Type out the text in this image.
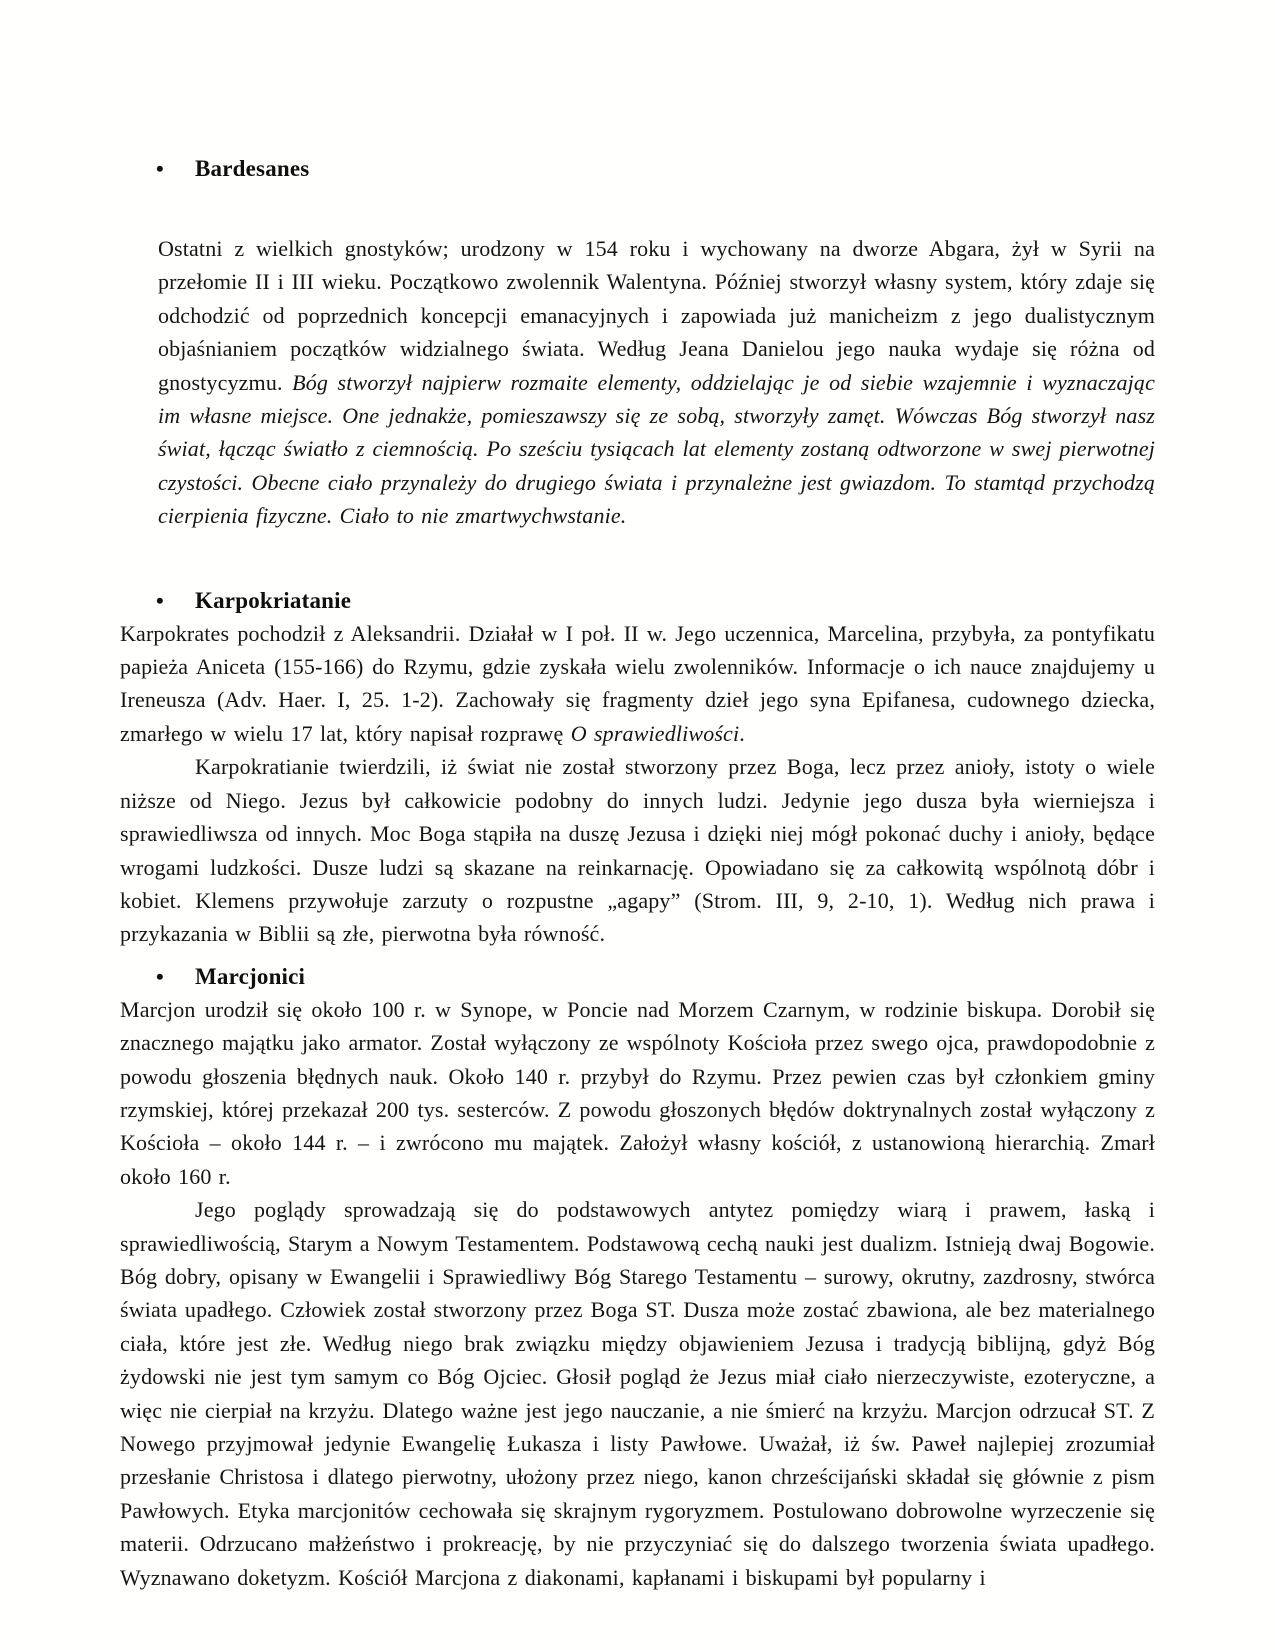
• Bardesanes

Ostatni z wielkich gnostyków; urodzony w 154 roku i wychowany na dworze Abgara, żył w Syrii na przełomie II i III wieku. Początkowo zwolennik Walentyna. Później stworzył własny system, który zdaje się odchodzić od poprzednich koncepcji emanacyjnych i zapowiada już manicheizm z jego dualistycznym objaśnianiem początków widzialnego świata. Według Jeana Danielou jego nauka wydaje się różna od gnostycyzmu. Bóg stworzył najpierw rozmaite elementy, oddzielając je od siebie wzajemnie i wyznaczając im własne miejsce. One jednakże, pomieszawszy się ze sobą, stworzyły zamęt. Wówczas Bóg stworzył nasz świat, łącząc światło z ciemnością. Po sześciu tysiącach lat elementy zostaną odtworzone w swej pierwotnej czystości. Obecne ciało przynależy do drugiego świata i przynależne jest gwiazdom. To stamtąd przychodzą cierpienia fizyczne. Ciało to nie zmartwychwstanie.

• Karpokriatanie

Karpokrates pochodził z Aleksandrii. Działał w I poł. II w. Jego uczennica, Marcelina, przybyła, za pontyfikatu papieża Aniceta (155-166) do Rzymu, gdzie zyskała wielu zwolenników. Informacje o ich nauce znajdujemy u Ireneusza (Adv. Haer. I, 25. 1-2). Zachowały się fragmenty dzieł jego syna Epifanesa, cudownego dziecka, zmarłego w wielu 17 lat, który napisał rozprawę O sprawiedliwości.

Karpokratianie twierdzili, iż świat nie został stworzony przez Boga, lecz przez anioły, istoty o wiele niższe od Niego. Jezus był całkowicie podobny do innych ludzi. Jedynie jego dusza była wierniejsza i sprawiedliwsza od innych. Moc Boga stąpiła na duszę Jezusa i dzięki niej mógł pokonać duchy i anioły, będące wrogami ludzkości. Dusze ludzi są skazane na reinkarnację. Opowiadano się za całkowitą wspólnotą dóbr i kobiet. Klemens przywołuje zarzuty o rozpustne „agapy” (Strom. III, 9, 2-10, 1). Według nich prawa i przykazania w Biblii są złe, pierwotna była równość.

• Marcjonici

Marcjon urodził się około 100 r. w Synope, w Poncie nad Morzem Czarnym, w rodzinie biskupa. Dorobił się znacznego majątku jako armator. Został wyłączony ze wspólnoty Kościoła przez swego ojca, prawdopodobnie z powodu głoszenia błędnych nauk. Około 140 r. przybył do Rzymu. Przez pewien czas był członkiem gminy rzymskiej, której przekazał 200 tys. sesterców. Z powodu głoszonych błędów doktrynalnych został wyłączony z Kościoła – około 144 r. – i zwrócono mu majątek. Założył własny kościół, z ustanowioną hierarchią. Zmarł około 160 r.

Jego poglądy sprowadzają się do podstawowych antytez pomiędzy wiarą i prawem, łaską i sprawiedliwością, Starym a Nowym Testamentem. Podstawową cechą nauki jest dualizm. Istnieją dwaj Bogowie. Bóg dobry, opisany w Ewangelii i Sprawiedliwy Bóg Starego Testamentu – surowy, okrutny, zazdrosny, stwórca świata upadłego. Człowiek został stworzony przez Boga ST. Dusza może zostać zbawiona, ale bez materialnego ciała, które jest złe. Według niego brak związku między objawieniem Jezusa i tradycją biblijną, gdyż Bóg żydowski nie jest tym samym co Bóg Ojciec. Głosił pogląd że Jezus miał ciało nierzeczywiste, ezoteryczne, a więc nie cierpiał na krzyżu. Dlatego ważne jest jego nauczanie, a nie śmierć na krzyżu. Marcjon odrzucał ST. Z Nowego przyjmował jedynie Ewangelię Łukasza i listy Pawłowe. Uważał, iż św. Paweł najlepiej zrozumiał przesłanie Christosa i dlatego pierwotny, ułożony przez niego, kanon chrześcijański składał się głównie z pism Pawłowych. Etyka marcjonitów cechowała się skrajnym rygoryzmem. Postulowano dobrowolne wyrzeczenie się materii. Odrzucano małżeństwo i prokreację, by nie przyczyniać się do dalszego tworzenia świata upadłego. Wyznawano doketyzm. Kościół Marcjona z diakonami, kapłanami i biskupami był popularny i
